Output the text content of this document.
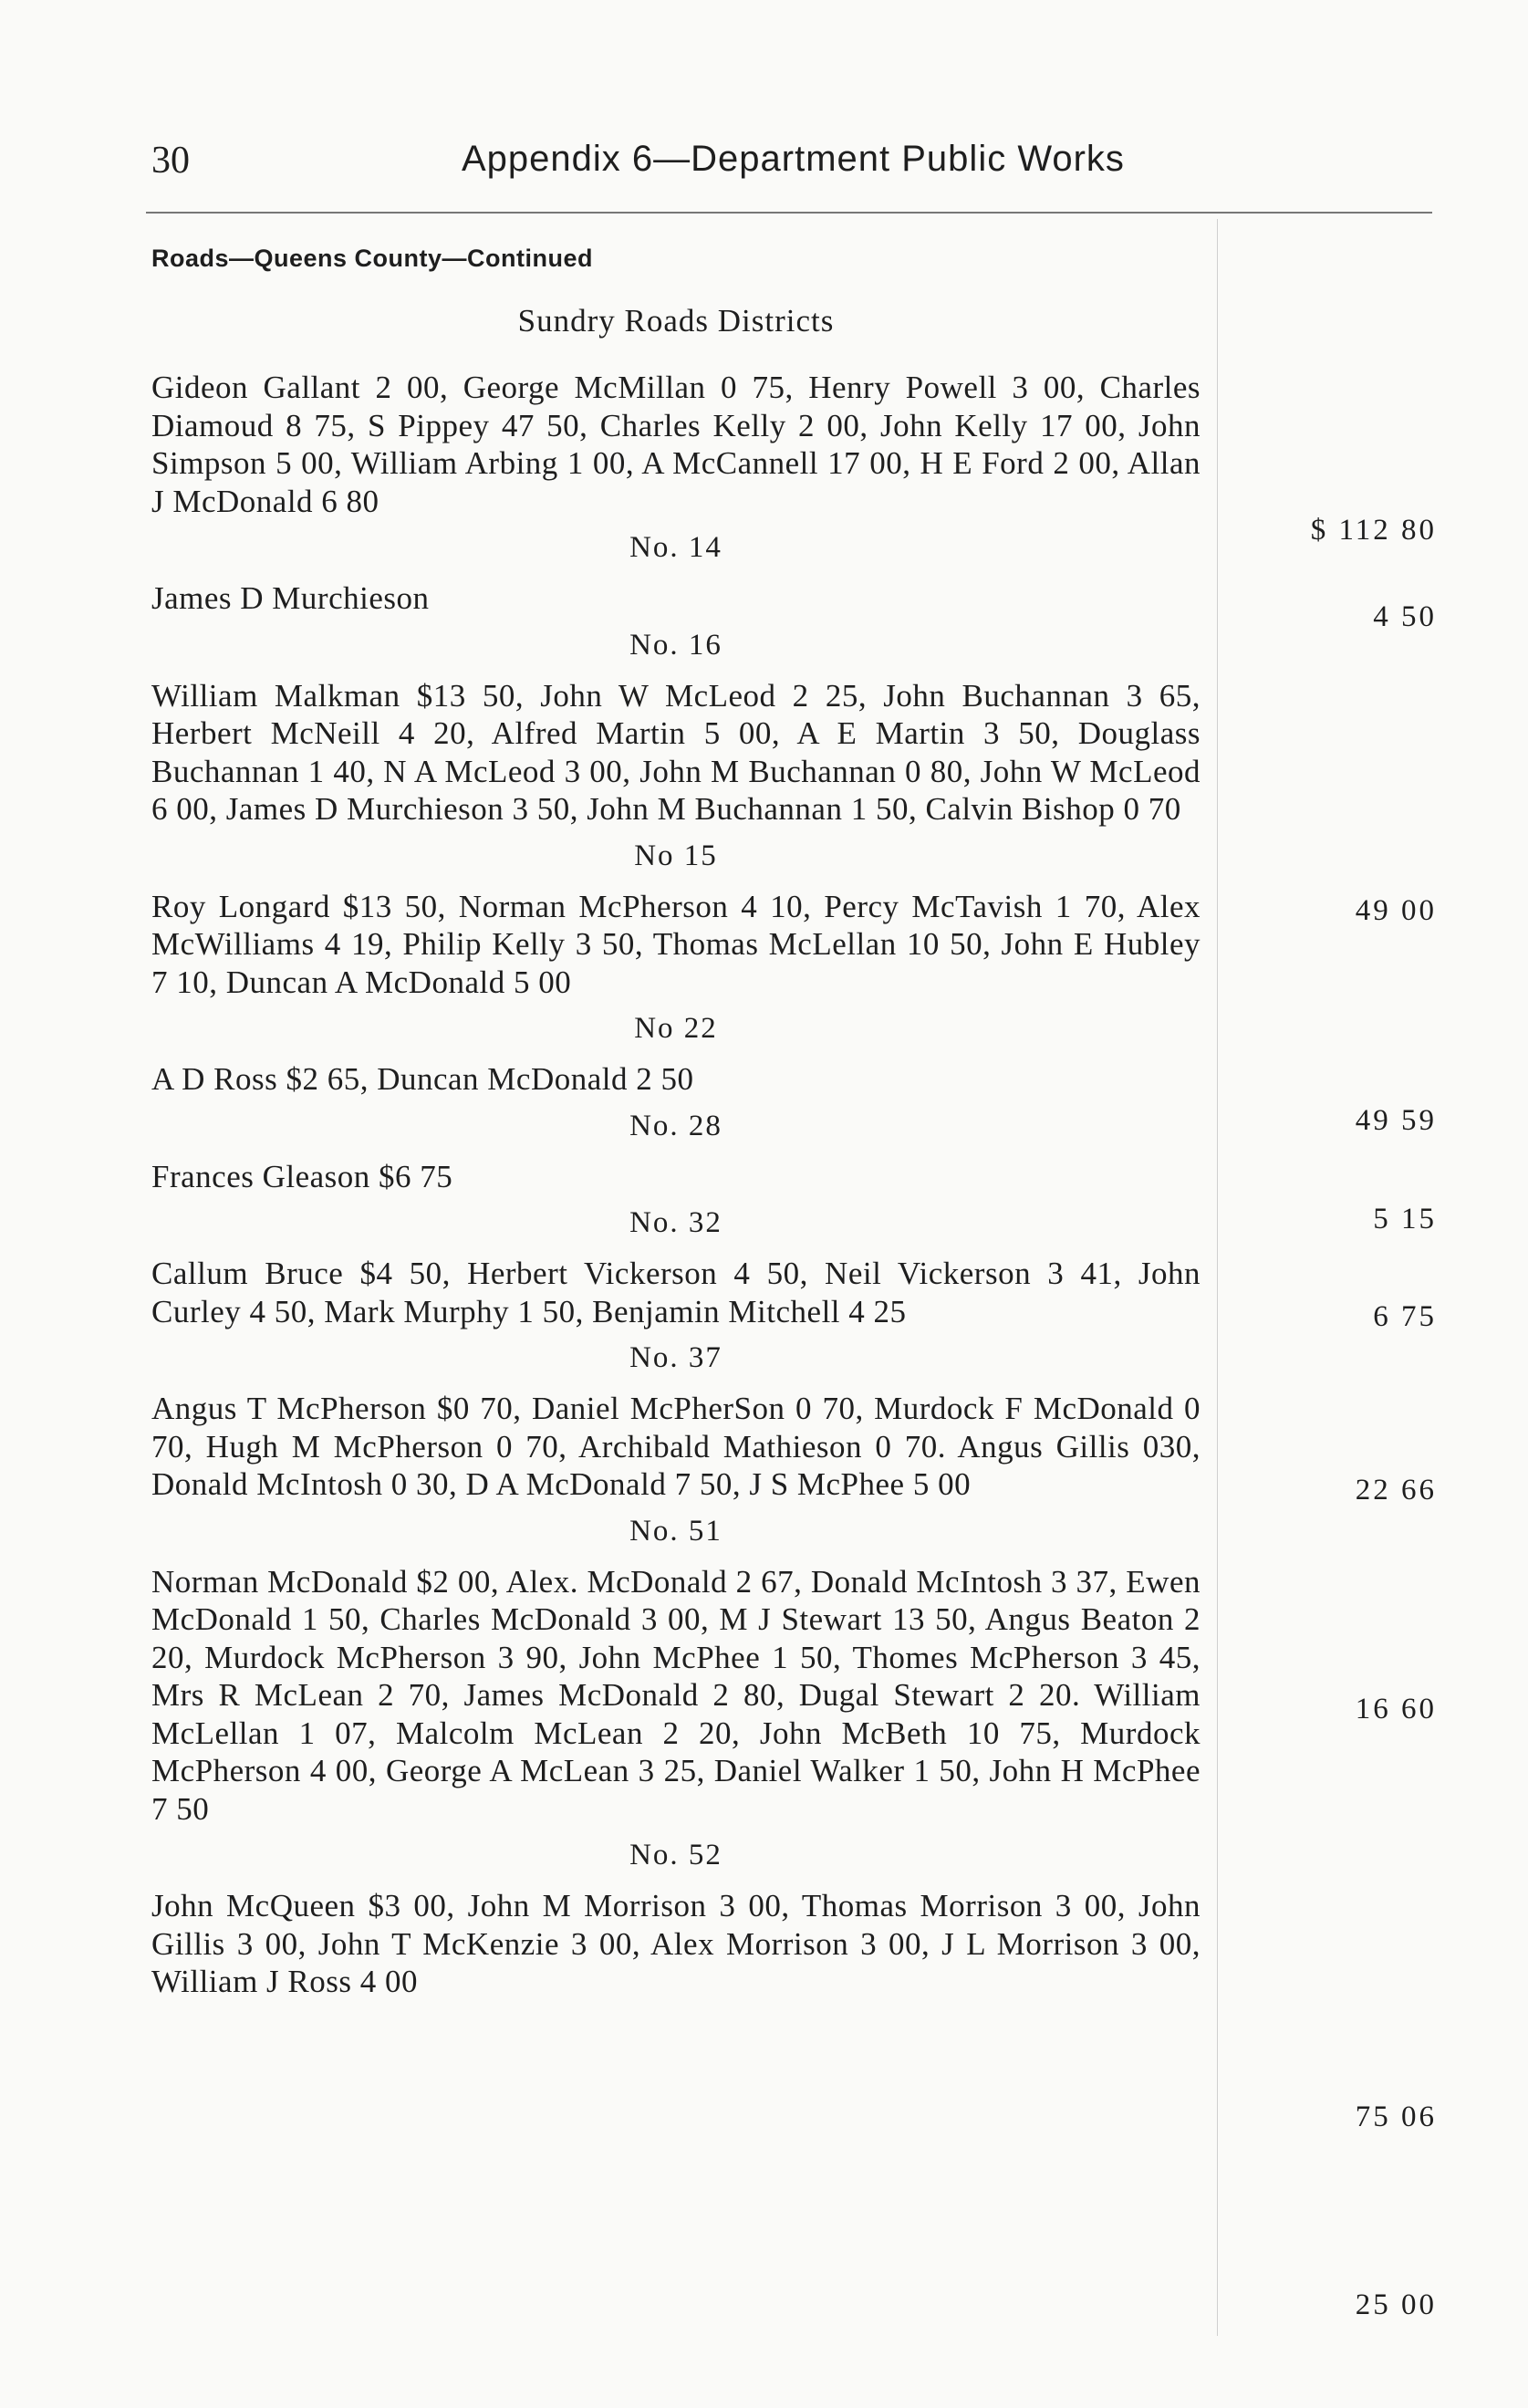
30	Appendix 6—Department Public Works
Roads—Queens County—Continued
Sundry Roads Districts
Gideon Gallant 2 00, George McMillan 0 75, Henry Powell 3 00, Charles Diamoud 8 75, S Pippey 47 50, Charles Kelly 2 00, John Kelly 17 00, John Simpson 5 00, William Arbing 1 00, A McCannell 17 00, H E Ford 2 00, Allan J McDonald 6 80
No. 14
James D Murchieson
No. 16
William Malkman $13 50, John W McLeod 2 25, John Buchannan 3 65, Herbert McNeill 4 20, Alfred Martin 5 00, A E Martin 3 50, Douglass Buchannan 1 40, N A McLeod 3 00, John M Buchannan 0 80, John W McLeod 6 00, James D Murchieson 3 50, John M Buchannan 1 50, Calvin Bishop 0 70
No 15
Roy Longard $13 50, Norman McPherson 4 10, Percy McTavish 1 70, Alex McWilliams 4 19, Philip Kelly 3 50, Thomas McLellan 10 50, John E Hubley 7 10, Duncan A McDonald 5 00
No 22
A D Ross $2 65, Duncan McDonald 2 50
No. 28
Frances Gleason $6 75
No. 32
Callum Bruce $4 50, Herbert Vickerson 4 50, Neil Vickerson 3 41, John Curley 4 50, Mark Murphy 1 50, Benjamin Mitchell 4 25
No. 37
Angus T McPherson $0 70, Daniel McPherSon 0 70, Murdock F McDonald 0 70, Hugh M McPherson 0 70, Archibald Mathieson 0 70. Angus Gillis 030, Donald McIntosh 0 30, D A McDonald 7 50, J S McPhee 5 00
No. 51
Norman McDonald $2 00, Alex. McDonald 2 67, Donald McIntosh 3 37, Ewen McDonald 1 50, Charles McDonald 3 00, M J Stewart 13 50, Angus Beaton 2 20, Murdock McPherson 3 90, John McPhee 1 50, Thomes McPherson 3 45, Mrs R McLean 2 70, James McDonald 2 80, Dugal Stewart 2 20. William McLellan 1 07, Malcolm McLean 2 20, John McBeth 10 75, Murdock McPherson 4 00, George A McLean 3 25, Daniel Walker 1 50, John H McPhee 7 50
No. 52
John McQueen $3 00, John M Morrison 3 00, Thomas Morrison 3 00, John Gillis 3 00, John T McKenzie 3 00, Alex Morrison 3 00, J L Morrison 3 00, William J Ross 4 00
$ 112 80
4 50
49 00
49 59
5 15
6 75
22 66
16 60
75 06
25 00
